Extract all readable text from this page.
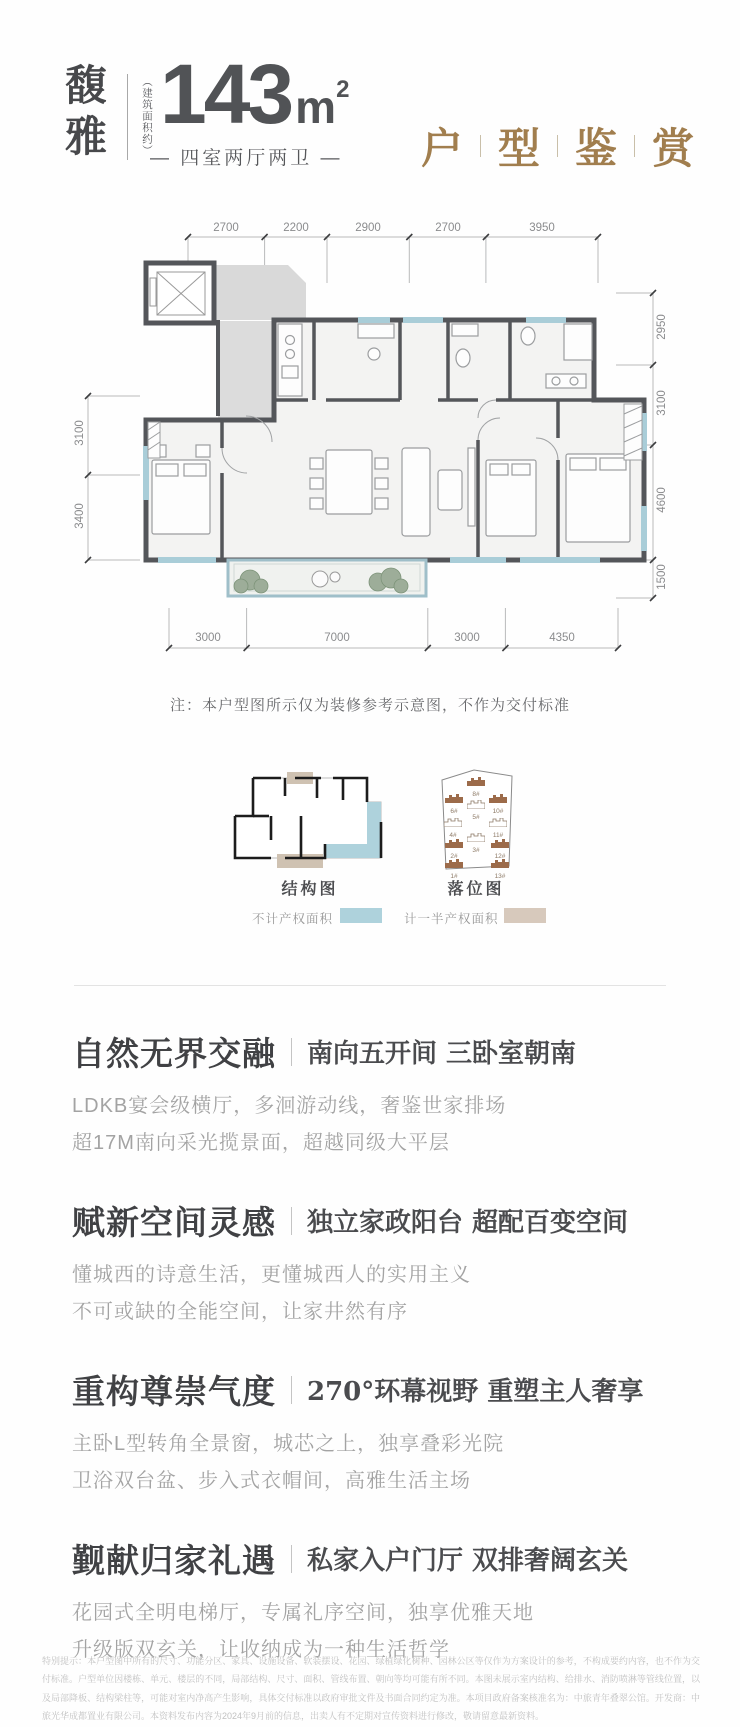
馥雅	（建筑面积约） 143 m 2
— 四室两厅两卫 — 户 型 鉴 赏
2700	2200	2900	2700	3950
3000	7000	3000	4350
3100
3400
2950
3100
4600
1500
注：本户型图所示仅为装修参考示意图，不作为交付标准
结构图
8#
6#
5#
10#
4#	11#
2#
3#
12#
1#	13#
落位图
不计产权面积	计一半产权面积
自然无界交融 南向五开间 三卧室朝南
LDKB宴会级横厅，多洄游动线，奢鉴世家排场
超17M南向采光揽景面，超越同级大平层
赋新空间灵感 独立家政阳台 超配百变空间
懂城西的诗意生活，更懂城西人的实用主义
不可或缺的全能空间，让家井然有序
重构尊崇气度 270°环幕视野 重塑主人奢享
主卧L型转角全景窗，城芯之上，独享叠彩光院
卫浴双台盆、步入式衣帽间，高雅生活主场
觐献归家礼遇 私家入户门厅 双排奢阔玄关
花园式全明电梯厅，专属礼序空间，独享优雅天地
升级版双玄关，让收纳成为一种生活哲学
特别提示：本户型图中所有的尺寸、功能分区、家具、设施设备、软装摆设、花园、绿植绿化树种、园林公区等仅作为方案设计的参考，不构成要约内容，也不作为交付标准。户型单位因楼栋、单元、楼层的不同，局部结构、尺寸、面积、管线布置、朝向等均可能有所不同。本图未展示室内结构、给排水、消防喷淋等管线位置，以及局部降板、结构梁柱等，可能对室内净高产生影响，具体交付标准以政府审批文件及书面合同约定为准。本项目政府备案核准名为：中旅青年叠翠公馆。开发商：中旅光华成都置业有限公司。本资料发布内容为2024年9月前的信息，出卖人有不定期对宣传资料进行修改，敬请留意最新资料。
